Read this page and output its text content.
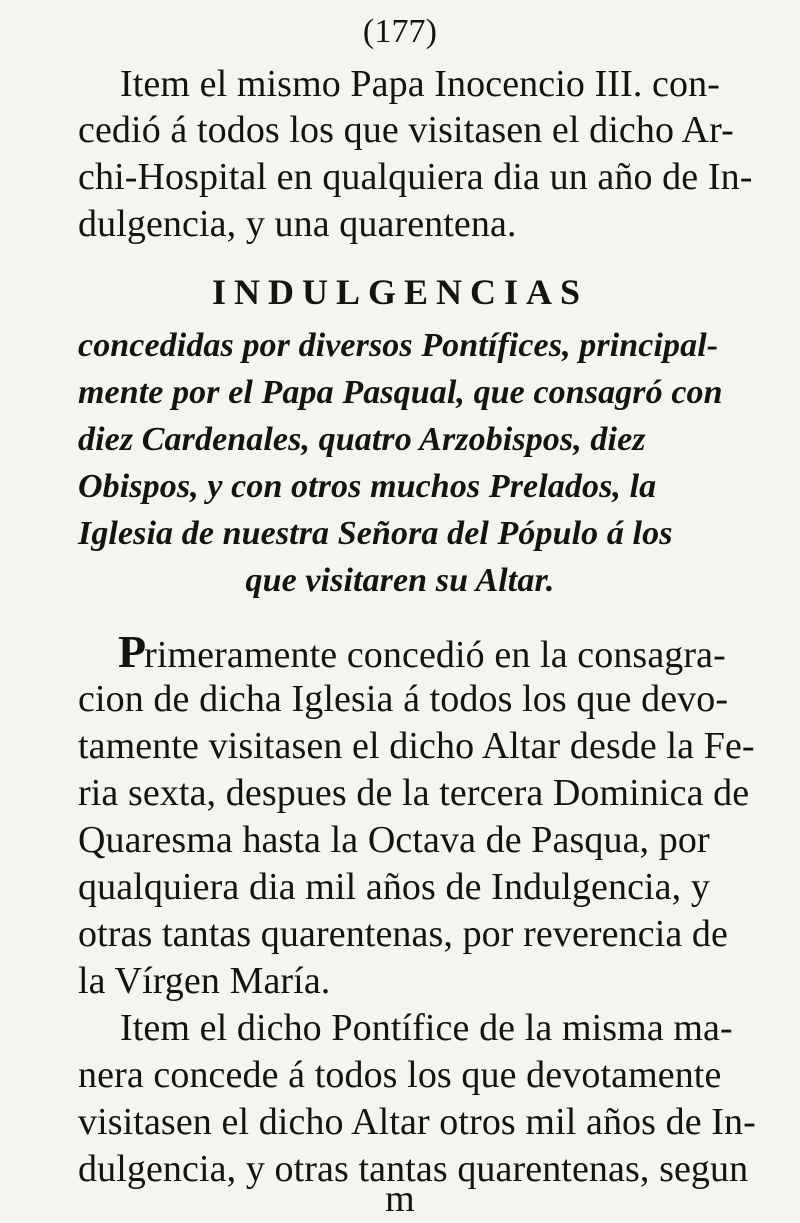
(177)
Item el mismo Papa Inocencio III. con-
cedió á todos los que visitasen el dicho Ar-
chi-Hospital en qualquiera dia un año de In-
dulgencia, y una quarentena.
INDULGENCIAS
concedidas por diversos Pontífices, principal-
mente por el Papa Pasqual, que consagró con
diez Cardenales, quatro Arzobispos, diez
Obispos, y con otros muchos Prelados, la
Iglesia de nuestra Señora del Pópulo á los
que visitaren su Altar.
Primeramente concedió en la consagra-
cion de dicha Iglesia á todos los que devo-
tamente visitasen el dicho Altar desde la Fe-
ria sexta, despues de la tercera Dominica de
Quaresma hasta la Octava de Pasqua, por
qualquiera dia mil años de Indulgencia, y
otras tantas quarentenas, por reverencia de
la Vírgen María.
Item el dicho Pontífice de la misma ma-
nera concede á todos los que devotamente
visitasen el dicho Altar otros mil años de In-
dulgencia, y otras tantas quarentenas, segun
m
